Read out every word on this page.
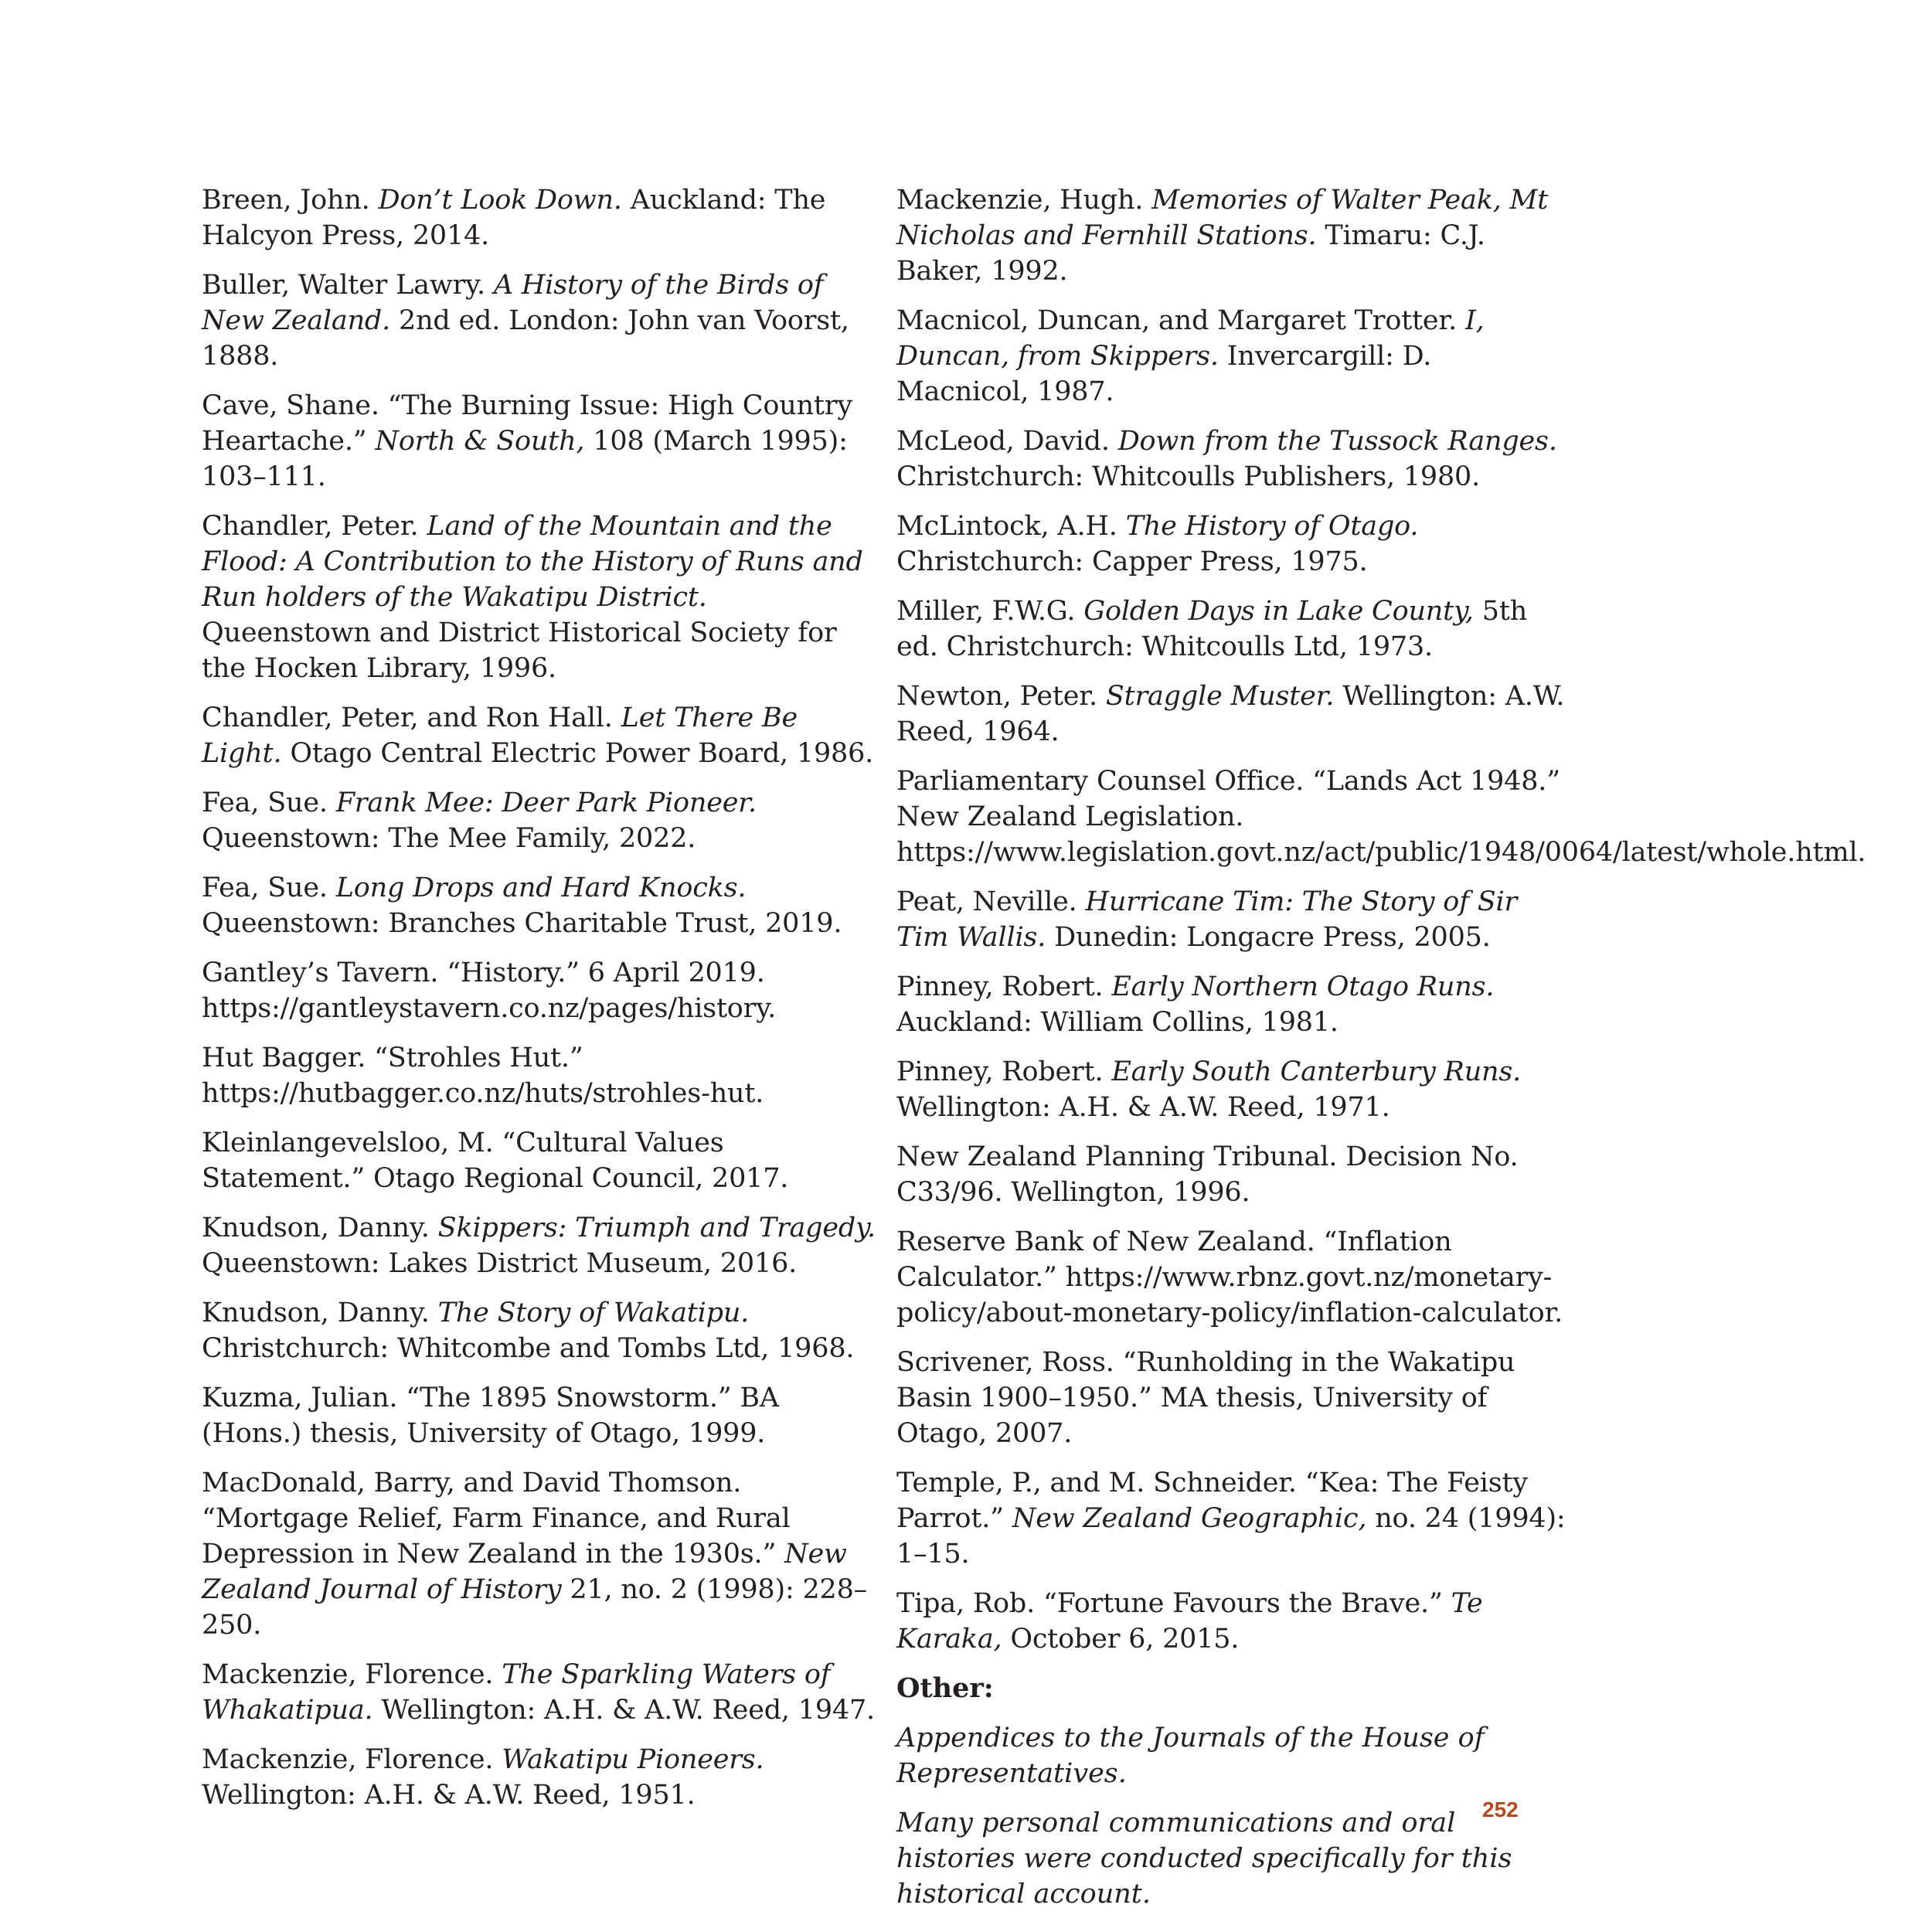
Breen, John. Don’t Look Down. Auckland: The Halcyon Press, 2014.
Buller, Walter Lawry. A History of the Birds of New Zealand. 2nd ed. London: John van Voorst, 1888.
Cave, Shane. “The Burning Issue: High Country Heartache.” North & South, 108 (March 1995): 103–111.
Chandler, Peter. Land of the Mountain and the Flood: A Contribution to the History of Runs and Run holders of the Wakatipu District. Queenstown and District Historical Society for the Hocken Library, 1996.
Chandler, Peter, and Ron Hall. Let There Be Light. Otago Central Electric Power Board, 1986.
Fea, Sue. Frank Mee: Deer Park Pioneer. Queenstown: The Mee Family, 2022.
Fea, Sue. Long Drops and Hard Knocks. Queenstown: Branches Charitable Trust, 2019.
Gantley’s Tavern. “History.” 6 April 2019. https://gantleystavern.co.nz/pages/history.
Hut Bagger. “Strohles Hut.” https://hutbagger.co.nz/huts/strohles-hut.
Kleinlangevelsloo, M. “Cultural Values Statement.” Otago Regional Council, 2017.
Knudson, Danny. Skippers: Triumph and Tragedy. Queenstown: Lakes District Museum, 2016.
Knudson, Danny. The Story of Wakatipu. Christchurch: Whitcombe and Tombs Ltd, 1968.
Kuzma, Julian. “The 1895 Snowstorm.” BA (Hons.) thesis, University of Otago, 1999.
MacDonald, Barry, and David Thomson. “Mortgage Relief, Farm Finance, and Rural Depression in New Zealand in the 1930s.” New Zealand Journal of History 21, no. 2 (1998): 228–250.
Mackenzie, Florence. The Sparkling Waters of Whakatipua. Wellington: A.H. & A.W. Reed, 1947.
Mackenzie, Florence. Wakatipu Pioneers. Wellington: A.H. & A.W. Reed, 1951.
Mackenzie, Hugh. Memories of Walter Peak, Mt Nicholas and Fernhill Stations. Timaru: C.J. Baker, 1992.
Macnicol, Duncan, and Margaret Trotter. I, Duncan, from Skippers. Invercargill: D. Macnicol, 1987.
McLeod, David. Down from the Tussock Ranges. Christchurch: Whitcoulls Publishers, 1980.
McLintock, A.H. The History of Otago. Christchurch: Capper Press, 1975.
Miller, F.W.G. Golden Days in Lake County, 5th ed. Christchurch: Whitcoulls Ltd, 1973.
Newton, Peter. Straggle Muster. Wellington: A.W. Reed, 1964.
Parliamentary Counsel Office. “Lands Act 1948.” New Zealand Legislation. https://www.legislation.govt.nz/act/public/1948/0064/latest/whole.html.
Peat, Neville. Hurricane Tim: The Story of Sir Tim Wallis. Dunedin: Longacre Press, 2005.
Pinney, Robert. Early Northern Otago Runs. Auckland: William Collins, 1981.
Pinney, Robert. Early South Canterbury Runs. Wellington: A.H. & A.W. Reed, 1971.
New Zealand Planning Tribunal. Decision No. C33/96. Wellington, 1996.
Reserve Bank of New Zealand. “Inflation Calculator.” https://www.rbnz.govt.nz/monetary-policy/about-monetary-policy/inflation-calculator.
Scrivener, Ross. “Runholding in the Wakatipu Basin 1900–1950.” MA thesis, University of Otago, 2007.
Temple, P., and M. Schneider. “Kea: The Feisty Parrot.” New Zealand Geographic, no. 24 (1994): 1–15.
Tipa, Rob. “Fortune Favours the Brave.” Te Karaka, October 6, 2015.
Other:
Appendices to the Journals of the House of Representatives.
Many personal communications and oral histories were conducted specifically for this historical account.
252
